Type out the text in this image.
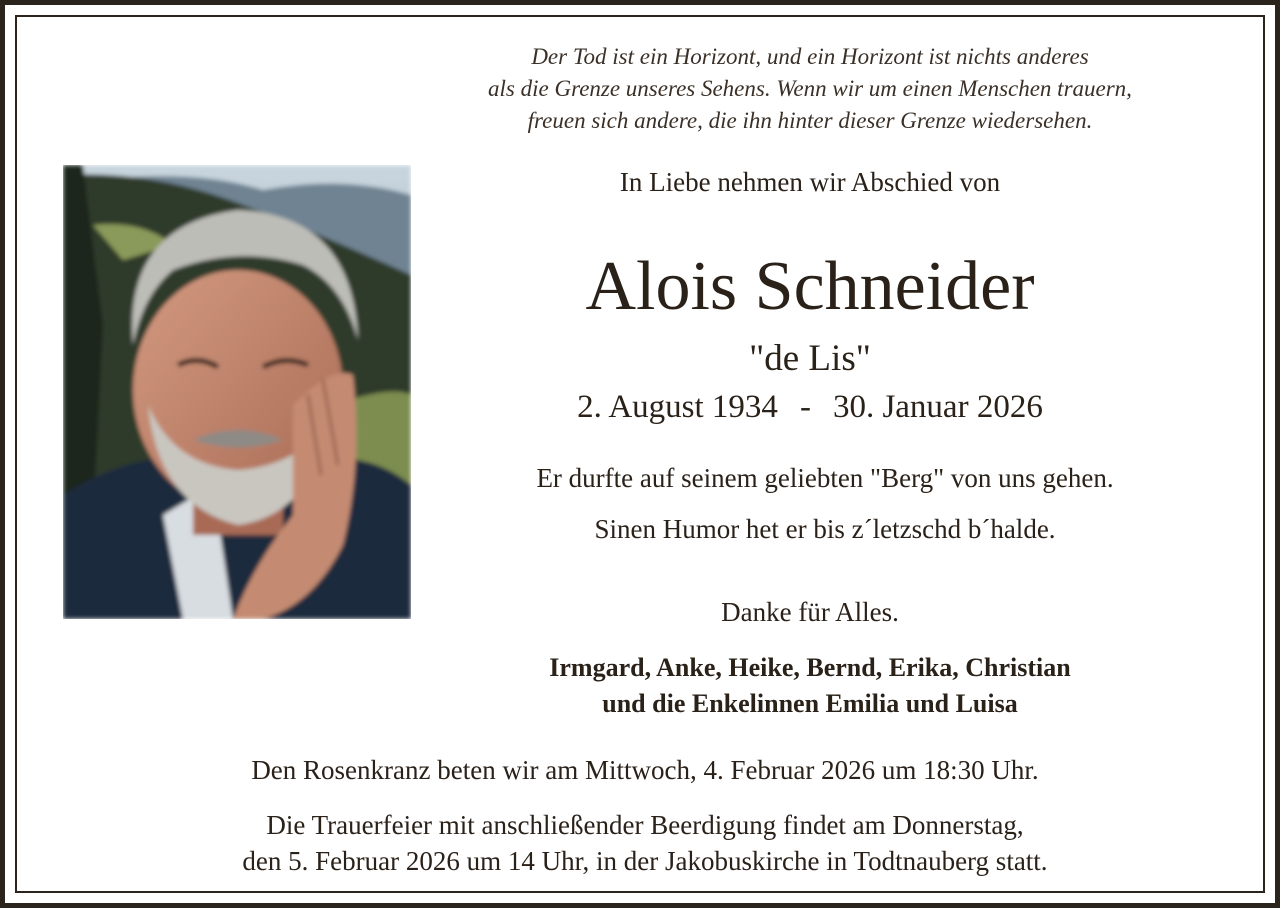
Der Tod ist ein Horizont, und ein Horizont ist nichts anderes
als die Grenze unseres Sehens. Wenn wir um einen Menschen trauern,
freuen sich andere, die ihn hinter dieser Grenze wiedersehen.
In Liebe nehmen wir Abschied von
Alois Schneider
"de Lis"
2. August 1934 - 30. Januar 2026
Er durfte auf seinem geliebten "Berg" von uns gehen.
Sinen Humor het er bis z´letzschd b´halde.
Danke für Alles.
Irmgard, Anke, Heike, Bernd, Erika, Christian
und die Enkelinnen Emilia und Luisa
Den Rosenkranz beten wir am Mittwoch, 4. Februar 2026 um 18:30 Uhr.
Die Trauerfeier mit anschließender Beerdigung findet am Donnerstag,
den 5. Februar 2026 um 14 Uhr, in der Jakobuskirche in Todtnauberg statt.
